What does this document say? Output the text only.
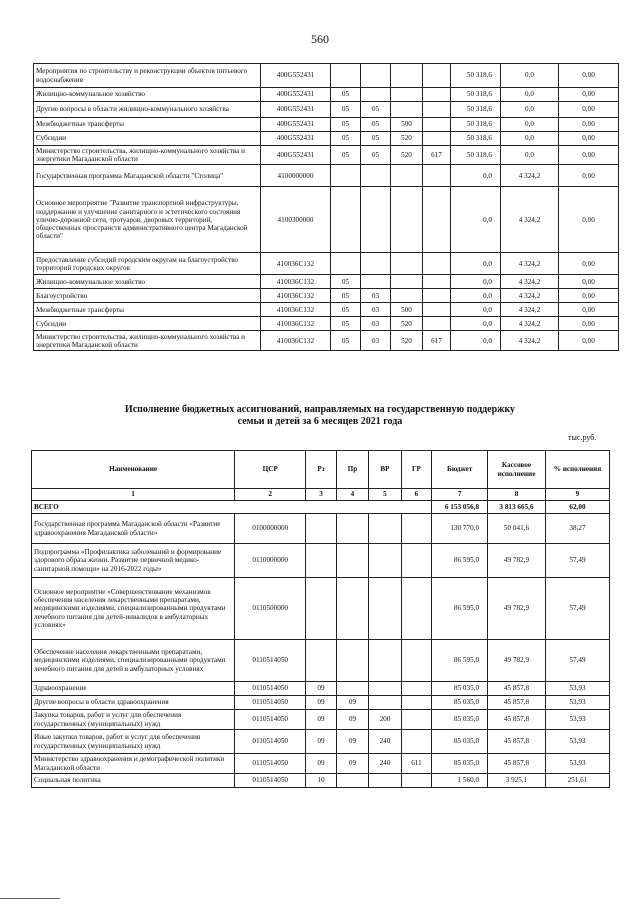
560
Мероприятия по строительству и реконструкции объектов питьевого водоснабжения	400G552431					50 318,6	0,0	0,00
Жилищно-коммунальное хозяйство	400G552431	05				50 318,6	0,0	0,00
Другие вопросы в области жилищно-коммунального хозяйства	400G552431	05	05			50 318,6	0,0	0,00
Межбюджетные трансферты	400G552431	05	05	500		50 318,6	0,0	0,00
Субсидии	400G552431	05	05	520		50 318,6	0,0	0,00
Министерство строительства, жилищно-коммунального хозяйства и энергетики Магаданской области	400G552431	05	05	520	617	50 318,6	0,0	0,00
Государственная программа Магаданской области "Столица"	4100000000					0,0	4 324,2	0,00
Основное мероприятие "Развитие транспортной инфраструктуры, поддержание и улучшение санитарного и эстетического состояния улично-дорожной сети, тротуаров, дворовых территорий, общественных пространств административного центра Магаданской области"	4100300000					0,0	4 324,2	0,00
Предоставление субсидий городским округам на благоустройство территорий городских округов	410036C132					0,0	4 324,2	0,00
Жилищно-коммунальное хозяйство	410036C132	05				0,0	4 324,2	0,00
Благоустройство	410036C132	05	03			0,0	4 324,2	0,00
Межбюджетные трансферты	410036C132	05	03	500		0,0	4 324,2	0,00
Субсидии	410036C132	05	03	520		0,0	4 324,2	0,00
Министерство строительства, жилищно-коммунального хозяйства и энергетики Магаданской области	410036C132	05	03	520	617	0,0	4 324,2	0,00
Исполнение бюджетных ассигнований, направляемых на государственную поддержку
семьи и детей за 6 месяцев 2021 года
тыс.руб.
Наименование	ЦСР	Рз	Пр	ВР	ГР	Бюджет	Кассовое исполнение	% исполнения
1	2	3	4	5	6	7	8	9
ВСЕГО						6 153 056,8	3 813 665,6	62,00
Государственная программа Магаданской области «Развитие здравоохранения Магаданской области»	0100000000					130 770,0	50 041,6	38,27
Подпрограмма «Профилактика заболеваний и формирование здорового образа жизни. Развитие первичной медико-санитарной помощи» на 2016-2022 годы»	0110000000					86 595,0	49 782,9	57,49
Основное мероприятие «Совершенствование механизмов обеспечения населения лекарственными препаратами, медицинскими изделиями, специализированными продуктами лечебного питания для детей-инвалидов в амбулаторных условиях»	0110500000					86 595,0	49 782,9	57,49
Обеспечение населения лекарственными препаратами, медицинскими изделиями, специализированными продуктами лечебного питания для детей в амбулаторных условиях	0110514050					86 595,0	49 782,9	57,49
Здравоохранение	0110514050	09				85 035,0	45 857,8	53,93
Другие вопросы в области здравоохранения	0110514050	09	09			85 035,0	45 857,8	53,93
Закупка товаров, работ и услуг для обеспечения государственных (муниципальных) нужд	0110514050	09	09	200		85 035,0	45 857,8	53,93
Иные закупки товаров, работ и услуг для обеспечения государственных (муниципальных) нужд	0110514050	09	09	240		85 035,0	45 857,8	53,93
Министерство здравоохранения и демографической политики Магаданской области	0110514050	09	09	240	611	85 035,0	45 857,8	53,93
Социальная политика	0110514050	10				1 560,0	3 925,1	251,61
